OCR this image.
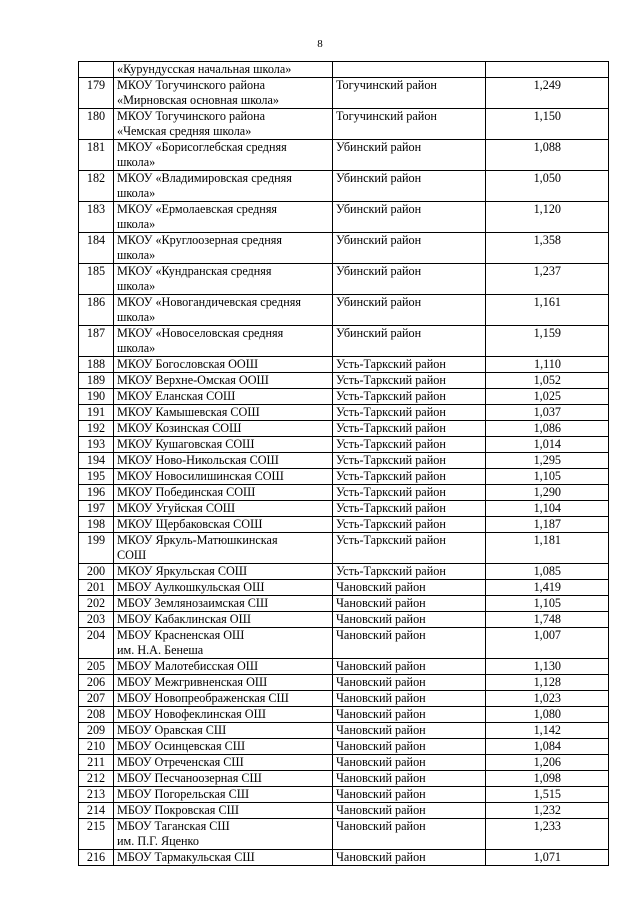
8

	«Курундусская начальная школа»		

179	МКОУ Тогучинского района
«Мирновская основная школа»	Тогучинский район	1,249
180	МКОУ Тогучинского района
«Чемская средняя школа»	Тогучинский район	1,150
181	МКОУ «Борисоглебская средняя
школа»	Убинский район	1,088
182	МКОУ «Владимировская средняя
школа»	Убинский район	1,050
183	МКОУ «Ермолаевская средняя
школа»	Убинский район	1,120
184	МКОУ «Круглоозерная средняя
школа»	Убинский район	1,358
185	МКОУ «Кундранская средняя
школа»	Убинский район	1,237
186	МКОУ «Новогандичевская средняя
школа»	Убинский район	1,161
187	МКОУ «Новоселовская средняя
школа»	Убинский район	1,159
188	МКОУ Богословская ООШ	Усть-Таркский район	1,110
189	МКОУ Верхне-Омская ООШ	Усть-Таркский район	1,052
190	МКОУ Еланская СОШ	Усть-Таркский район	1,025
191	МКОУ Камышевская СОШ	Усть-Таркский район	1,037
192	МКОУ Козинская СОШ	Усть-Таркский район	1,086
193	МКОУ Кушаговская СОШ	Усть-Таркский район	1,014
194	МКОУ Ново-Никольская СОШ	Усть-Таркский район	1,295
195	МКОУ Новосилишинская СОШ	Усть-Таркский район	1,105
196	МКОУ Побединская СОШ	Усть-Таркский район	1,290
197	МКОУ Угуйская СОШ	Усть-Таркский район	1,104
198	МКОУ Щербаковская СОШ	Усть-Таркский район	1,187
199	МКОУ Яркуль-Матюшкинская
СОШ	Усть-Таркский район	1,181
200	МКОУ Яркульская СОШ	Усть-Таркский район	1,085
201	МБОУ Аулкошкульская ОШ	Чановский район	1,419
202	МБОУ Землянозаимская СШ	Чановский район	1,105
203	МБОУ Кабаклинская ОШ	Чановский район	1,748
204	МБОУ Красненская ОШ
им. Н.А. Бенеша	Чановский район	1,007
205	МБОУ Малотебисская ОШ	Чановский район	1,130
206	МБОУ Межгривненская ОШ	Чановский район	1,128
207	МБОУ Новопреображенская СШ	Чановский район	1,023
208	МБОУ Новофеклинская ОШ	Чановский район	1,080
209	МБОУ Оравская СШ	Чановский район	1,142
210	МБОУ Осинцевская СШ	Чановский район	1,084
211	МБОУ Отреченская СШ	Чановский район	1,206
212	МБОУ Песчаноозерная СШ	Чановский район	1,098
213	МБОУ Погорельская СШ	Чановский район	1,515
214	МБОУ Покровская СШ	Чановский район	1,232
215	МБОУ Таганская СШ
им. П.Г. Яценко	Чановский район	1,233
216	МБОУ Тармакульская СШ	Чановский район	1,071
